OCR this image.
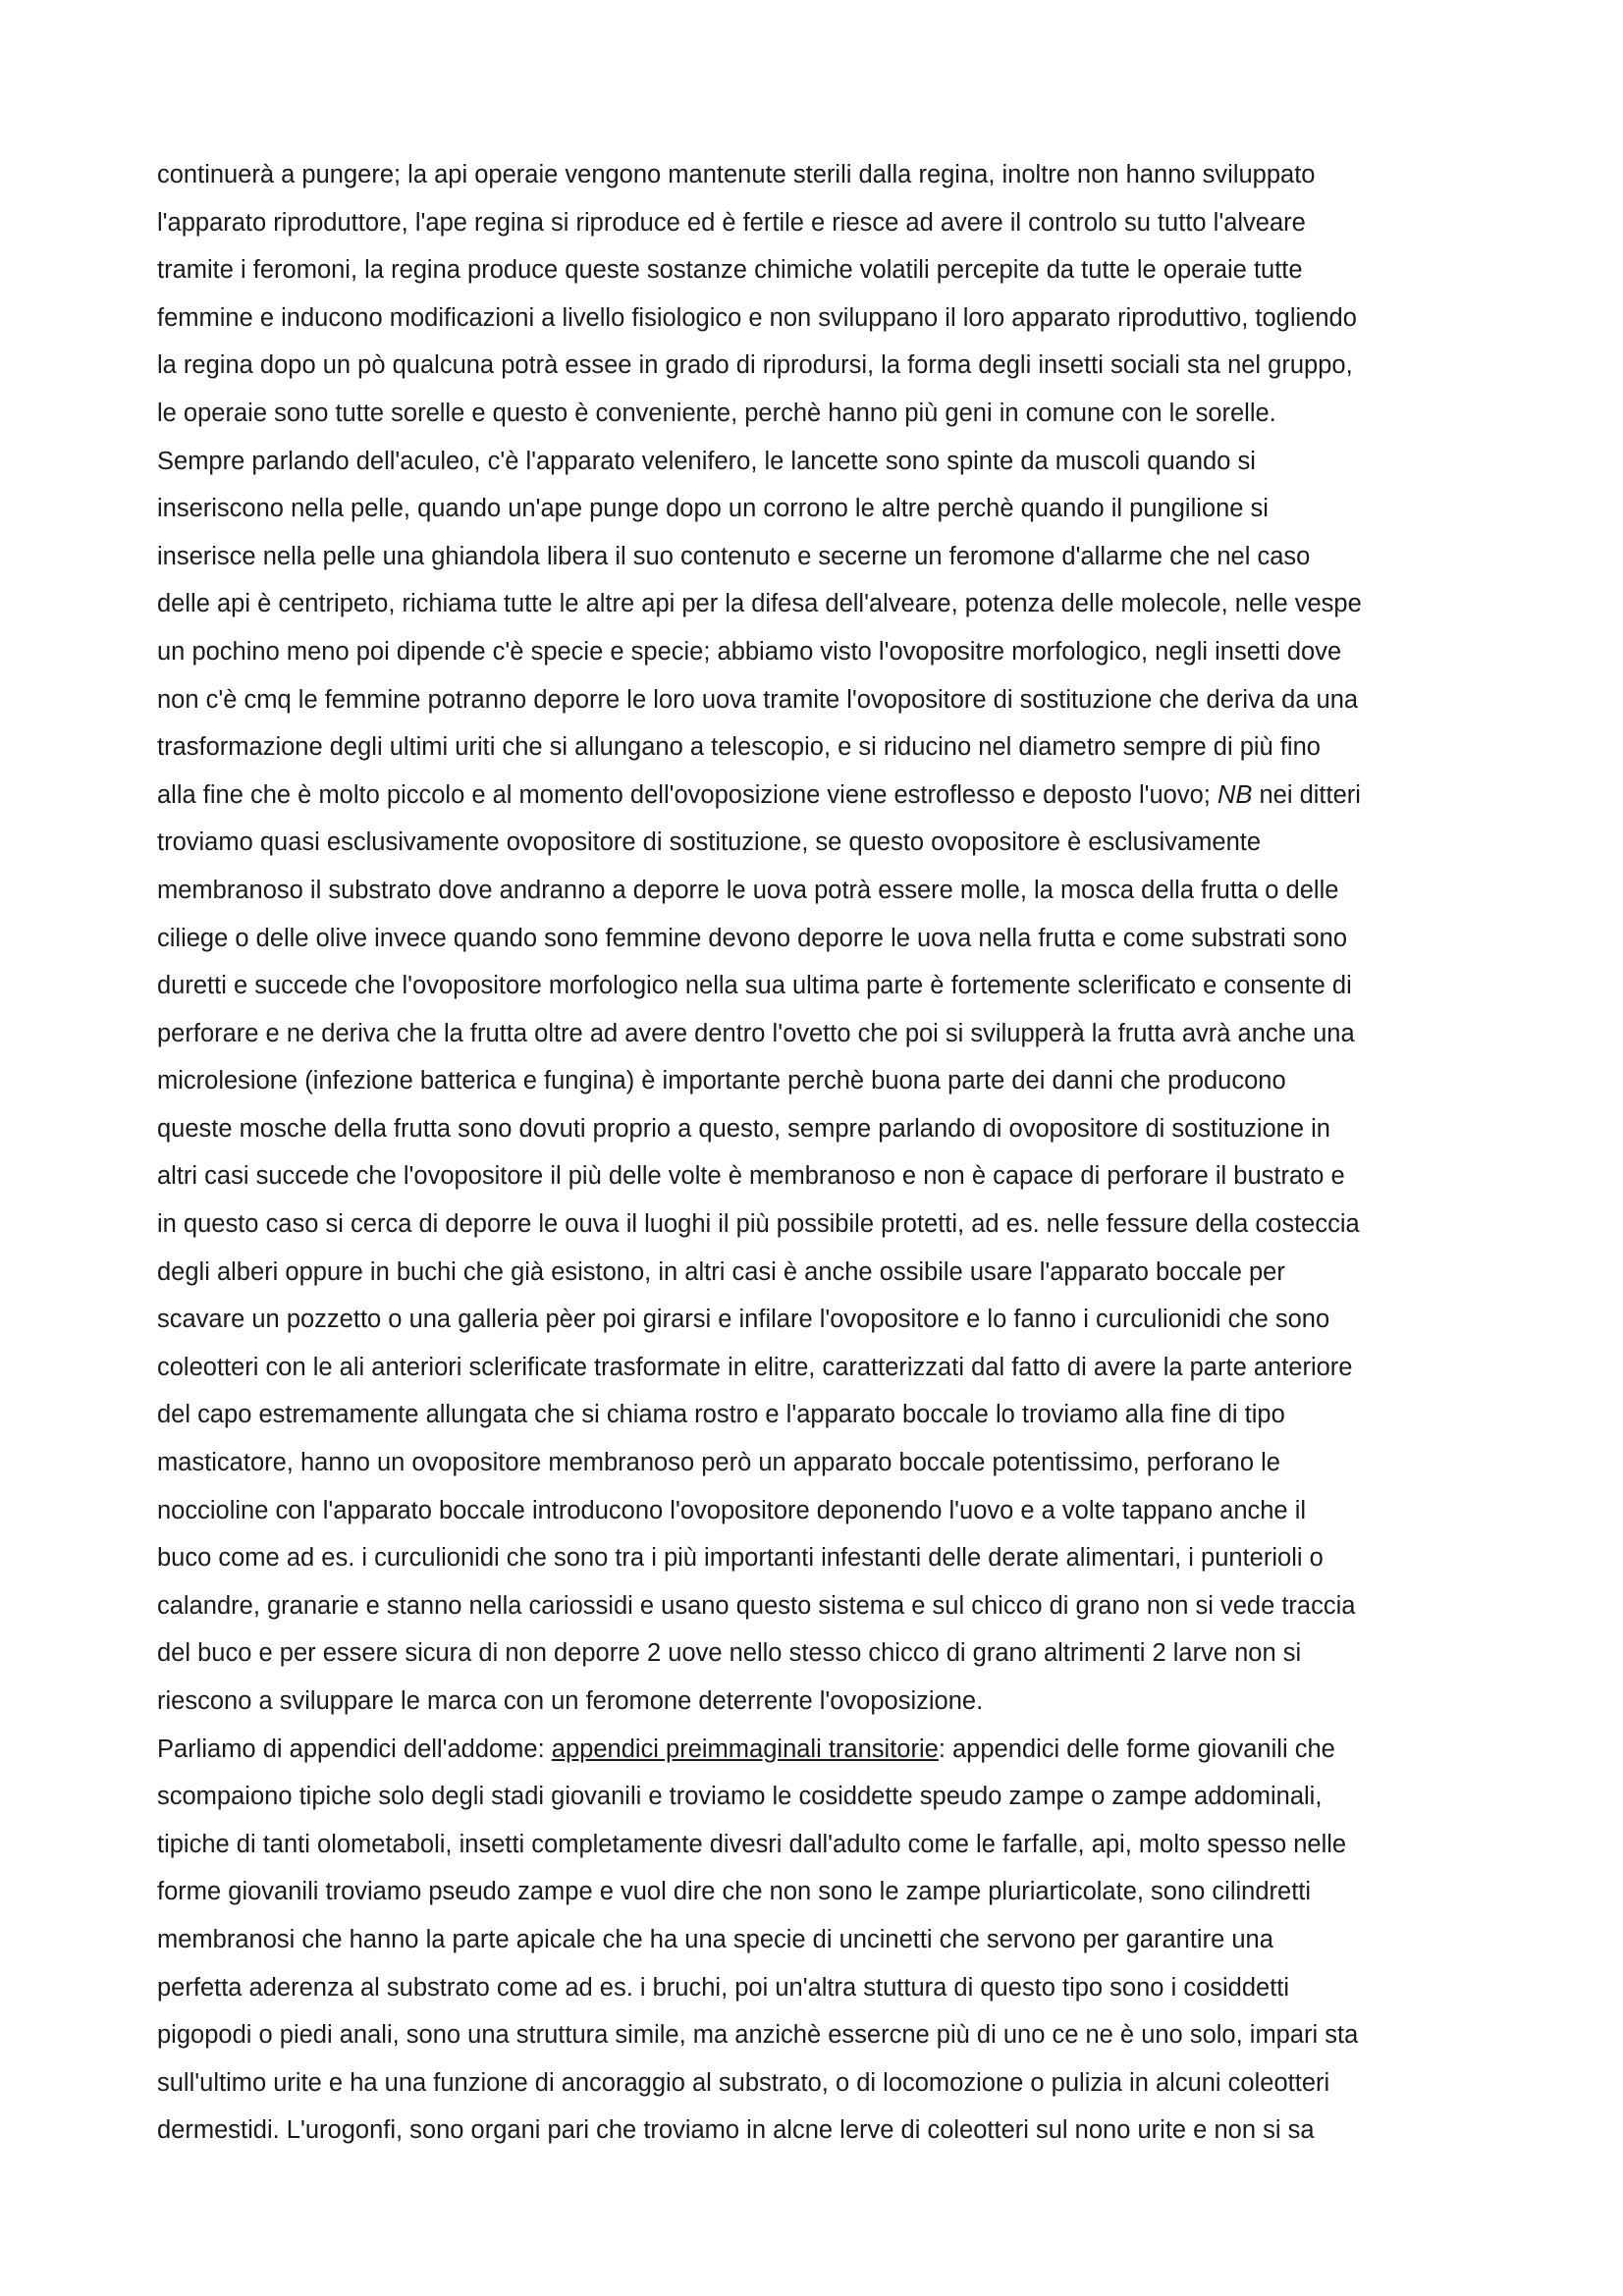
continuerà a pungere; la api operaie vengono mantenute sterili dalla regina, inoltre non hanno sviluppato
l'apparato riproduttore, l'ape regina si riproduce ed è fertile e riesce ad avere il controlo su tutto l'alveare
tramite i feromoni, la regina produce queste sostanze chimiche volatili percepite da tutte le operaie tutte
femmine e inducono modificazioni a livello fisiologico e non sviluppano il loro apparato riproduttivo, togliendo
la regina dopo un pò qualcuna potrà essee in grado di riprodursi, la forma degli insetti sociali sta nel gruppo,
le operaie sono tutte sorelle e questo è conveniente, perchè hanno più geni in comune con le sorelle.
Sempre parlando dell'aculeo, c'è l'apparato velenifero, le lancette sono spinte da muscoli quando si
inseriscono nella pelle, quando un'ape punge dopo un corrono le altre perchè quando il pungilione si
inserisce nella pelle una ghiandola libera il suo contenuto e secerne un feromone d'allarme che nel caso
delle api è centripeto, richiama tutte le altre api per la difesa dell'alveare, potenza delle molecole, nelle vespe
un pochino meno poi dipende c'è specie e specie; abbiamo visto l'ovopositre morfologico, negli insetti dove
non c'è cmq le femmine potranno deporre le loro uova tramite l'ovopositore di sostituzione che deriva da una
trasformazione degli ultimi uriti che si allungano a telescopio, e si riducino nel diametro sempre di più fino
alla fine che è molto piccolo e al momento dell'ovoposizione viene estroflesso e deposto l'uovo; NB nei ditteri
troviamo quasi esclusivamente ovopositore di sostituzione, se questo ovopositore è esclusivamente
membranoso il substrato dove andranno a deporre le uova potrà essere molle, la mosca della frutta o delle
ciliege o delle olive invece quando sono femmine devono deporre le uova nella frutta e come substrati sono
duretti e succede che l'ovopositore morfologico nella sua ultima parte è fortemente sclerificato e consente di
perforare e ne deriva che la frutta oltre ad avere dentro l'ovetto che poi si svilupperà la frutta avrà anche una
microlesione (infezione batterica e fungina) è importante perchè buona parte dei danni che producono
queste mosche della frutta sono dovuti proprio a questo, sempre parlando di ovopositore di sostituzione in
altri casi succede che l'ovopositore il più delle volte è membranoso e non è capace di perforare il bustrato e
in questo caso si cerca di deporre le ouva il luoghi il più possibile protetti, ad es. nelle fessure della costeccia
degli alberi oppure in buchi che già esistono, in altri casi è anche ossibile usare l'apparato boccale per
scavare un pozzetto o una galleria pèer poi girarsi e infilare l'ovopositore e lo fanno i curculionidi che sono
coleotteri con le ali anteriori sclerificate trasformate in elitre, caratterizzati dal fatto di avere la parte anteriore
del capo estremamente allungata che si chiama rostro e l'apparato boccale lo troviamo alla fine di tipo
masticatore, hanno un ovopositore membranoso però un apparato boccale potentissimo, perforano le
noccioline con l'apparato boccale introducono l'ovopositore deponendo l'uovo e a volte tappano anche il
buco come ad es. i curculionidi che sono tra i più importanti infestanti delle derate alimentari, i punterioli o
calandre, granarie e stanno nella cariossidi e usano questo sistema e sul chicco di grano non si vede traccia
del buco e per essere sicura di non deporre 2 uove nello stesso chicco di grano altrimenti 2 larve non si
riescono a sviluppare le marca con un feromone deterrente l'ovoposizione.
Parliamo di appendici dell'addome: appendici preimmaginali transitorie: appendici delle forme giovanili che
scompaiono tipiche solo degli stadi giovanili e troviamo le cosiddette speudo zampe o zampe addominali,
tipiche di tanti olometaboli, insetti completamente divesri dall'adulto come le farfalle, api, molto spesso nelle
forme giovanili troviamo pseudo zampe e vuol dire che non sono le zampe pluriarticolate, sono cilindretti
membranosi che hanno la parte apicale che ha una specie di uncinetti che servono per garantire una
perfetta aderenza al substrato come ad es. i bruchi, poi un'altra stuttura di questo tipo sono i cosiddetti
pigopodi o piedi anali, sono una struttura simile, ma anzichè essercne più di uno ce ne è uno solo, impari sta
sull'ultimo urite e ha una funzione di ancoraggio al substrato, o di locomozione o pulizia in alcuni coleotteri
dermestidi. L'urogonfi, sono organi pari che troviamo in alcne lerve di coleotteri sul nono urite e non si sa
